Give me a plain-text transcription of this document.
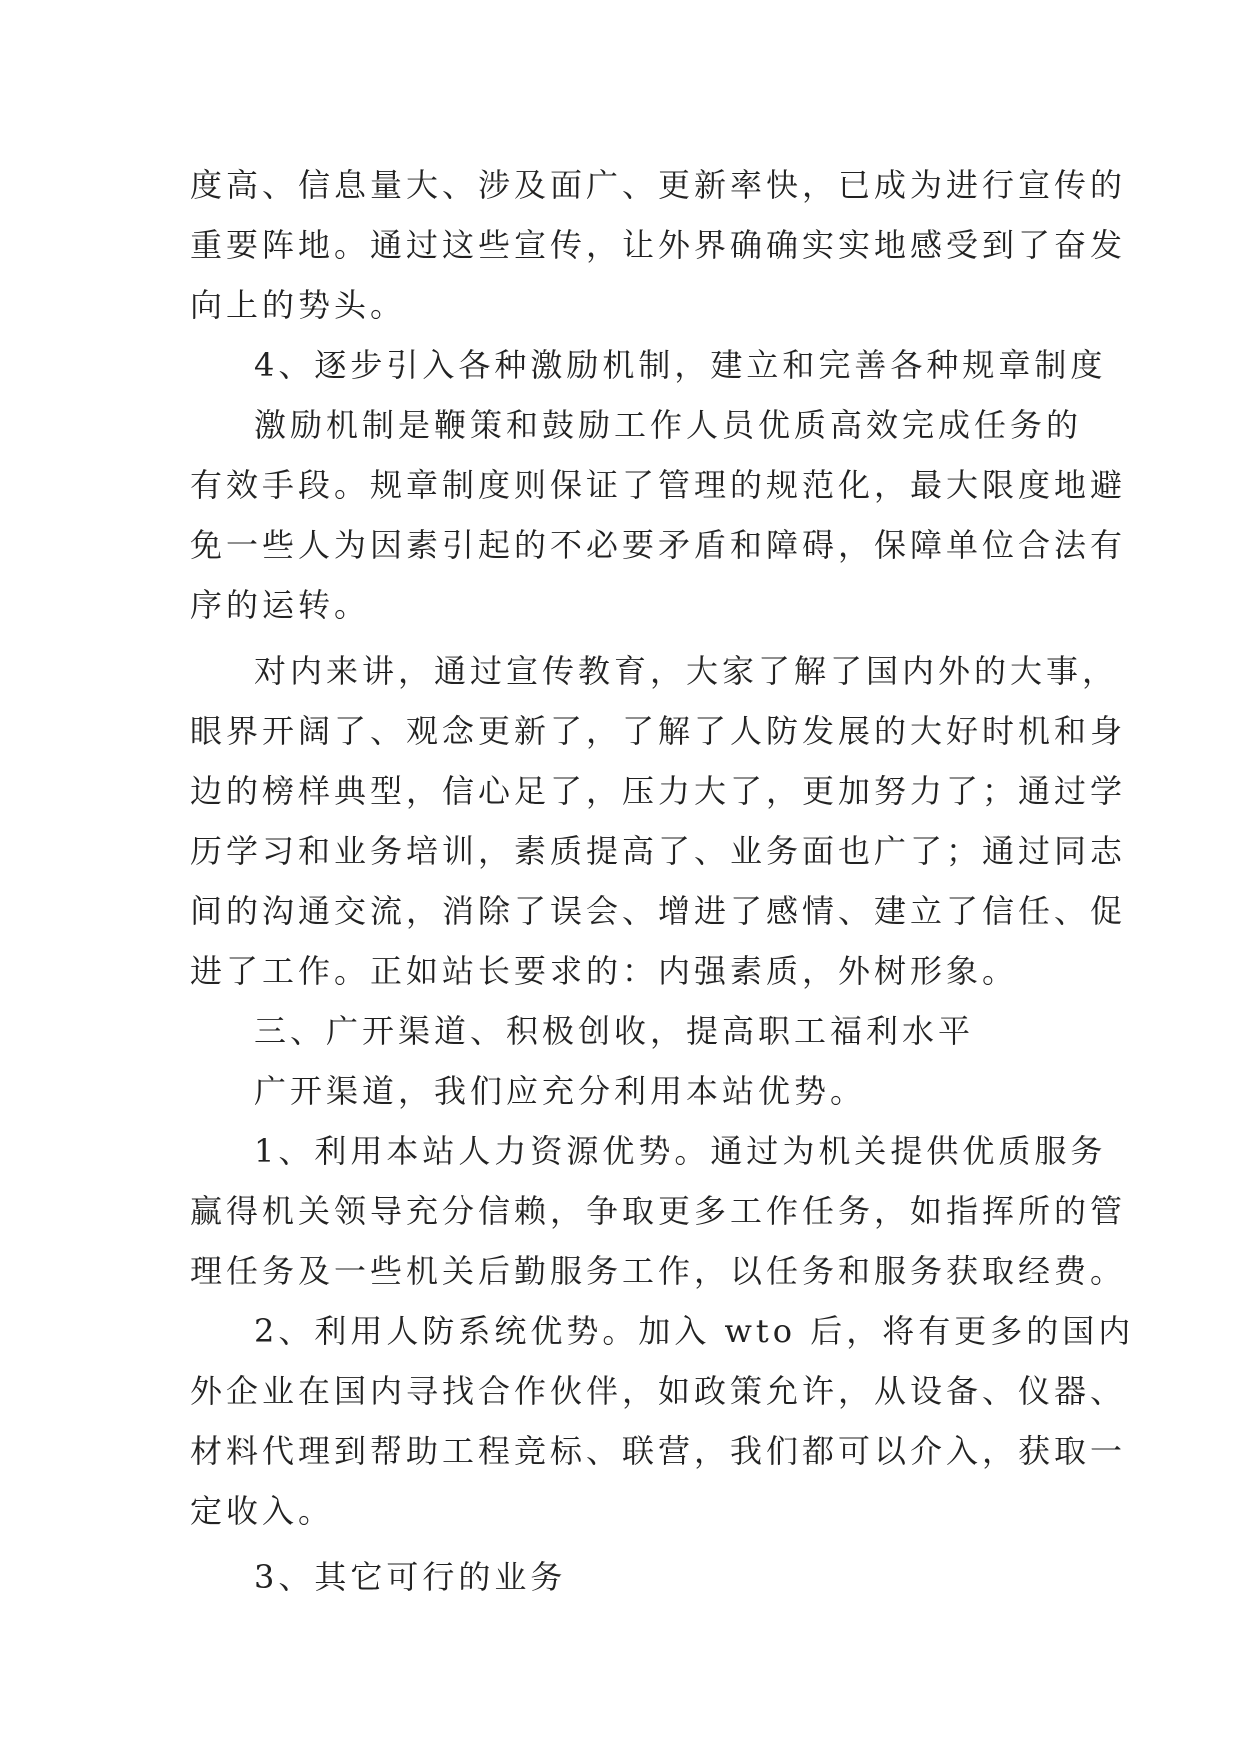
度高、信息量大、涉及面广、更新率快，已成为进行宣传的
重要阵地。通过这些宣传，让外界确确实实地感受到了奋发
向上的势头。
4、逐步引入各种激励机制，建立和完善各种规章制度
激励机制是鞭策和鼓励工作人员优质高效完成任务的
有效手段。规章制度则保证了管理的规范化，最大限度地避
免一些人为因素引起的不必要矛盾和障碍，保障单位合法有
序的运转。
对内来讲，通过宣传教育，大家了解了国内外的大事，
眼界开阔了、观念更新了，了解了人防发展的大好时机和身
边的榜样典型，信心足了，压力大了，更加努力了；通过学
历学习和业务培训，素质提高了、业务面也广了；通过同志
间的沟通交流，消除了误会、增进了感情、建立了信任、促
进了工作。正如站长要求的：内强素质，外树形象。
三、广开渠道、积极创收，提高职工福利水平
广开渠道，我们应充分利用本站优势。
1、利用本站人力资源优势。通过为机关提供优质服务
赢得机关领导充分信赖，争取更多工作任务，如指挥所的管
理任务及一些机关后勤服务工作，以任务和服务获取经费。
2、利用人防系统优势。加入 wto 后，将有更多的国内
外企业在国内寻找合作伙伴，如政策允许，从设备、仪器、
材料代理到帮助工程竞标、联营，我们都可以介入，获取一
定收入。
3、其它可行的业务
